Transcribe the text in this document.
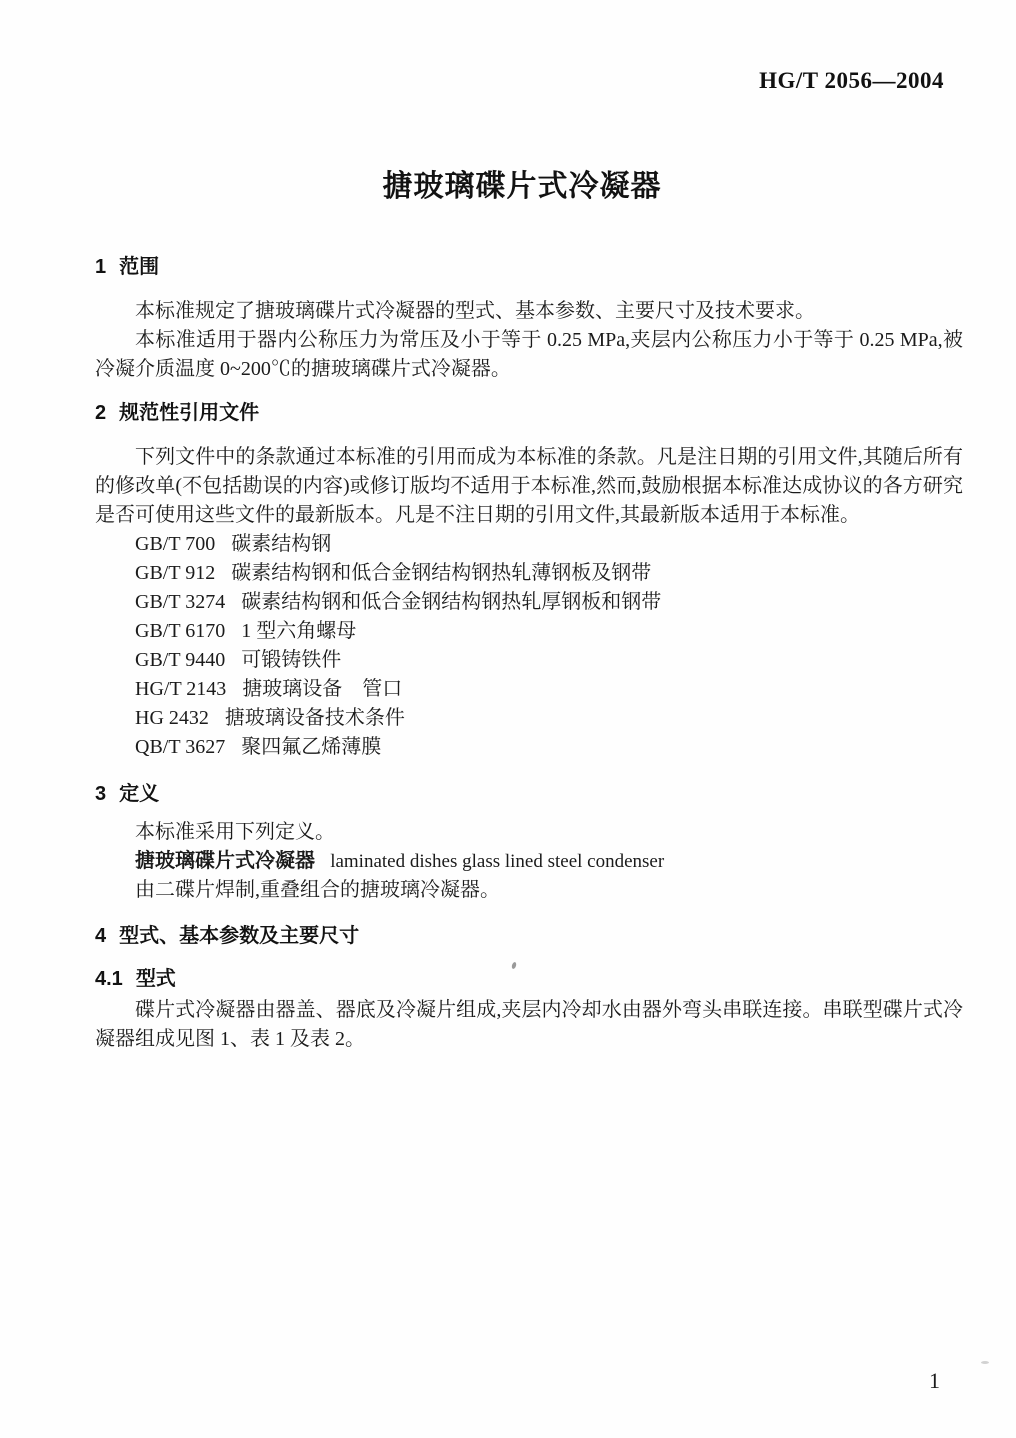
HG/T 2056—2004
搪玻璃碟片式冷凝器
1 范围

本标准规定了搪玻璃碟片式冷凝器的型式、基本参数、主要尺寸及技术要求。

本标准适用于器内公称压力为常压及小于等于 0.25 MPa,夹层内公称压力小于等于 0.25 MPa,被冷凝介质温度 0~200℃的搪玻璃碟片式冷凝器。

2 规范性引用文件

下列文件中的条款通过本标准的引用而成为本标准的条款。凡是注日期的引用文件,其随后所有的修改单(不包括勘误的内容)或修订版均不适用于本标准,然而,鼓励根据本标准达成协议的各方研究是否可使用这些文件的最新版本。凡是不注日期的引用文件,其最新版本适用于本标准。

GB/T 700 碳素结构钢
GB/T 912 碳素结构钢和低合金钢结构钢热轧薄钢板及钢带
GB/T 3274 碳素结构钢和低合金钢结构钢热轧厚钢板和钢带
GB/T 6170 1 型六角螺母
GB/T 9440 可锻铸铁件
HG/T 2143 搪玻璃设备　管口
HG 2432 搪玻璃设备技术条件
QB/T 3627 聚四氟乙烯薄膜
3 定义

本标准采用下列定义。

搪玻璃碟片式冷凝器 laminated dishes glass lined steel condenser

由二碟片焊制,重叠组合的搪玻璃冷凝器。

4 型式、基本参数及主要尺寸
4.1 型式

碟片式冷凝器由器盖、器底及冷凝片组成,夹层内冷却水由器外弯头串联连接。串联型碟片式冷凝器组成见图 1、表 1 及表 2。

1
